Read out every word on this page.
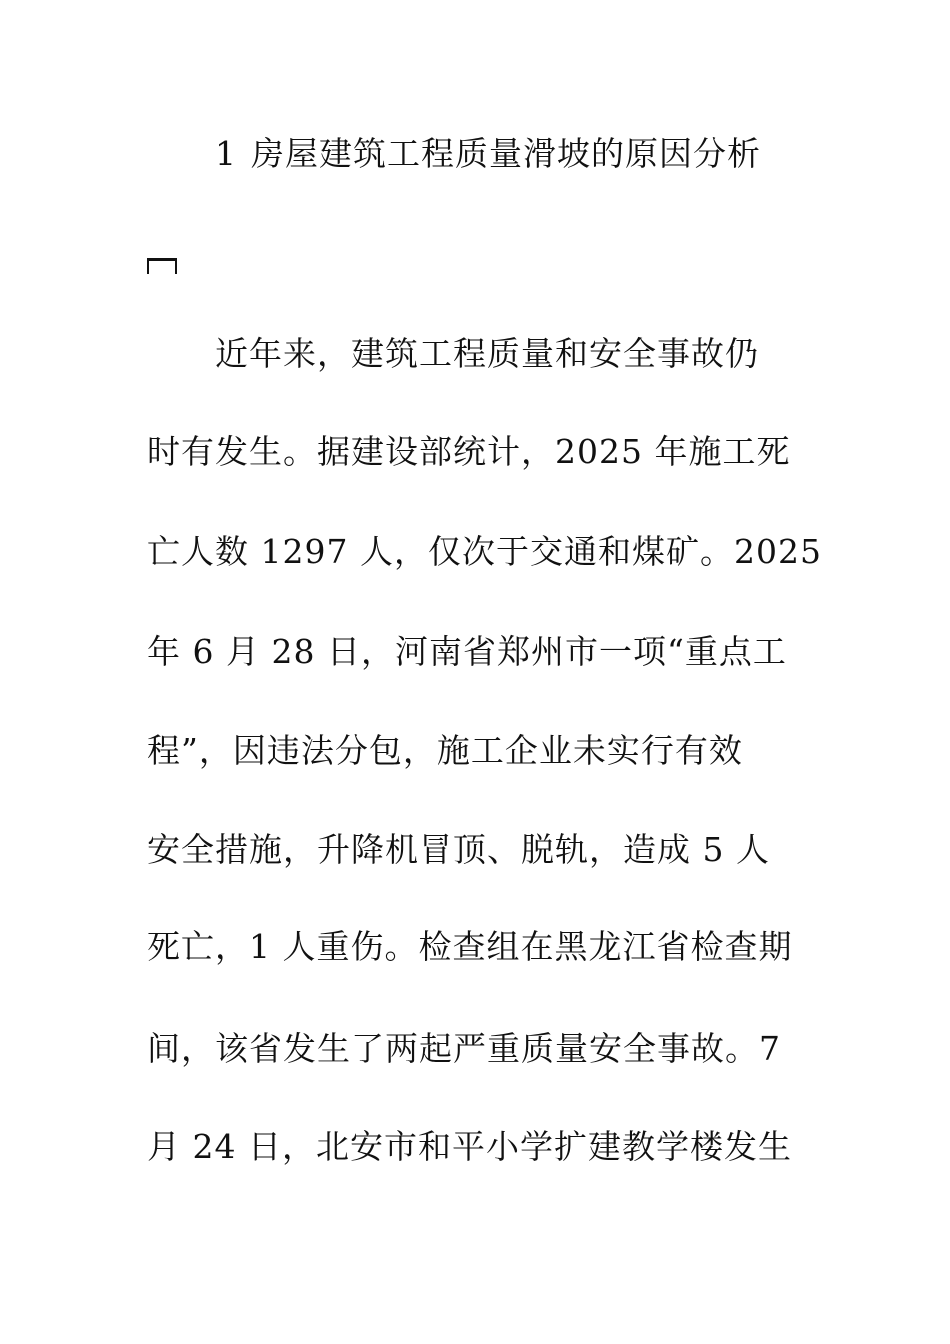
1 房屋建筑工程质量滑坡的原因分析
近年来，建筑工程质量和安全事故仍
时有发生。据建设部统计，2025 年施工死
亡人数 1297 人，仅次于交通和煤矿。2025
年 6 月 28 日，河南省郑州市一项“重点工
程”，因违法分包，施工企业未实行有效
安全措施，升降机冒顶、脱轨，造成 5 人
死亡，1 人重伤。检查组在黑龙江省检查期
间，该省发生了两起严重质量安全事故。7
月 24 日，北安市和平小学扩建教学楼发生
